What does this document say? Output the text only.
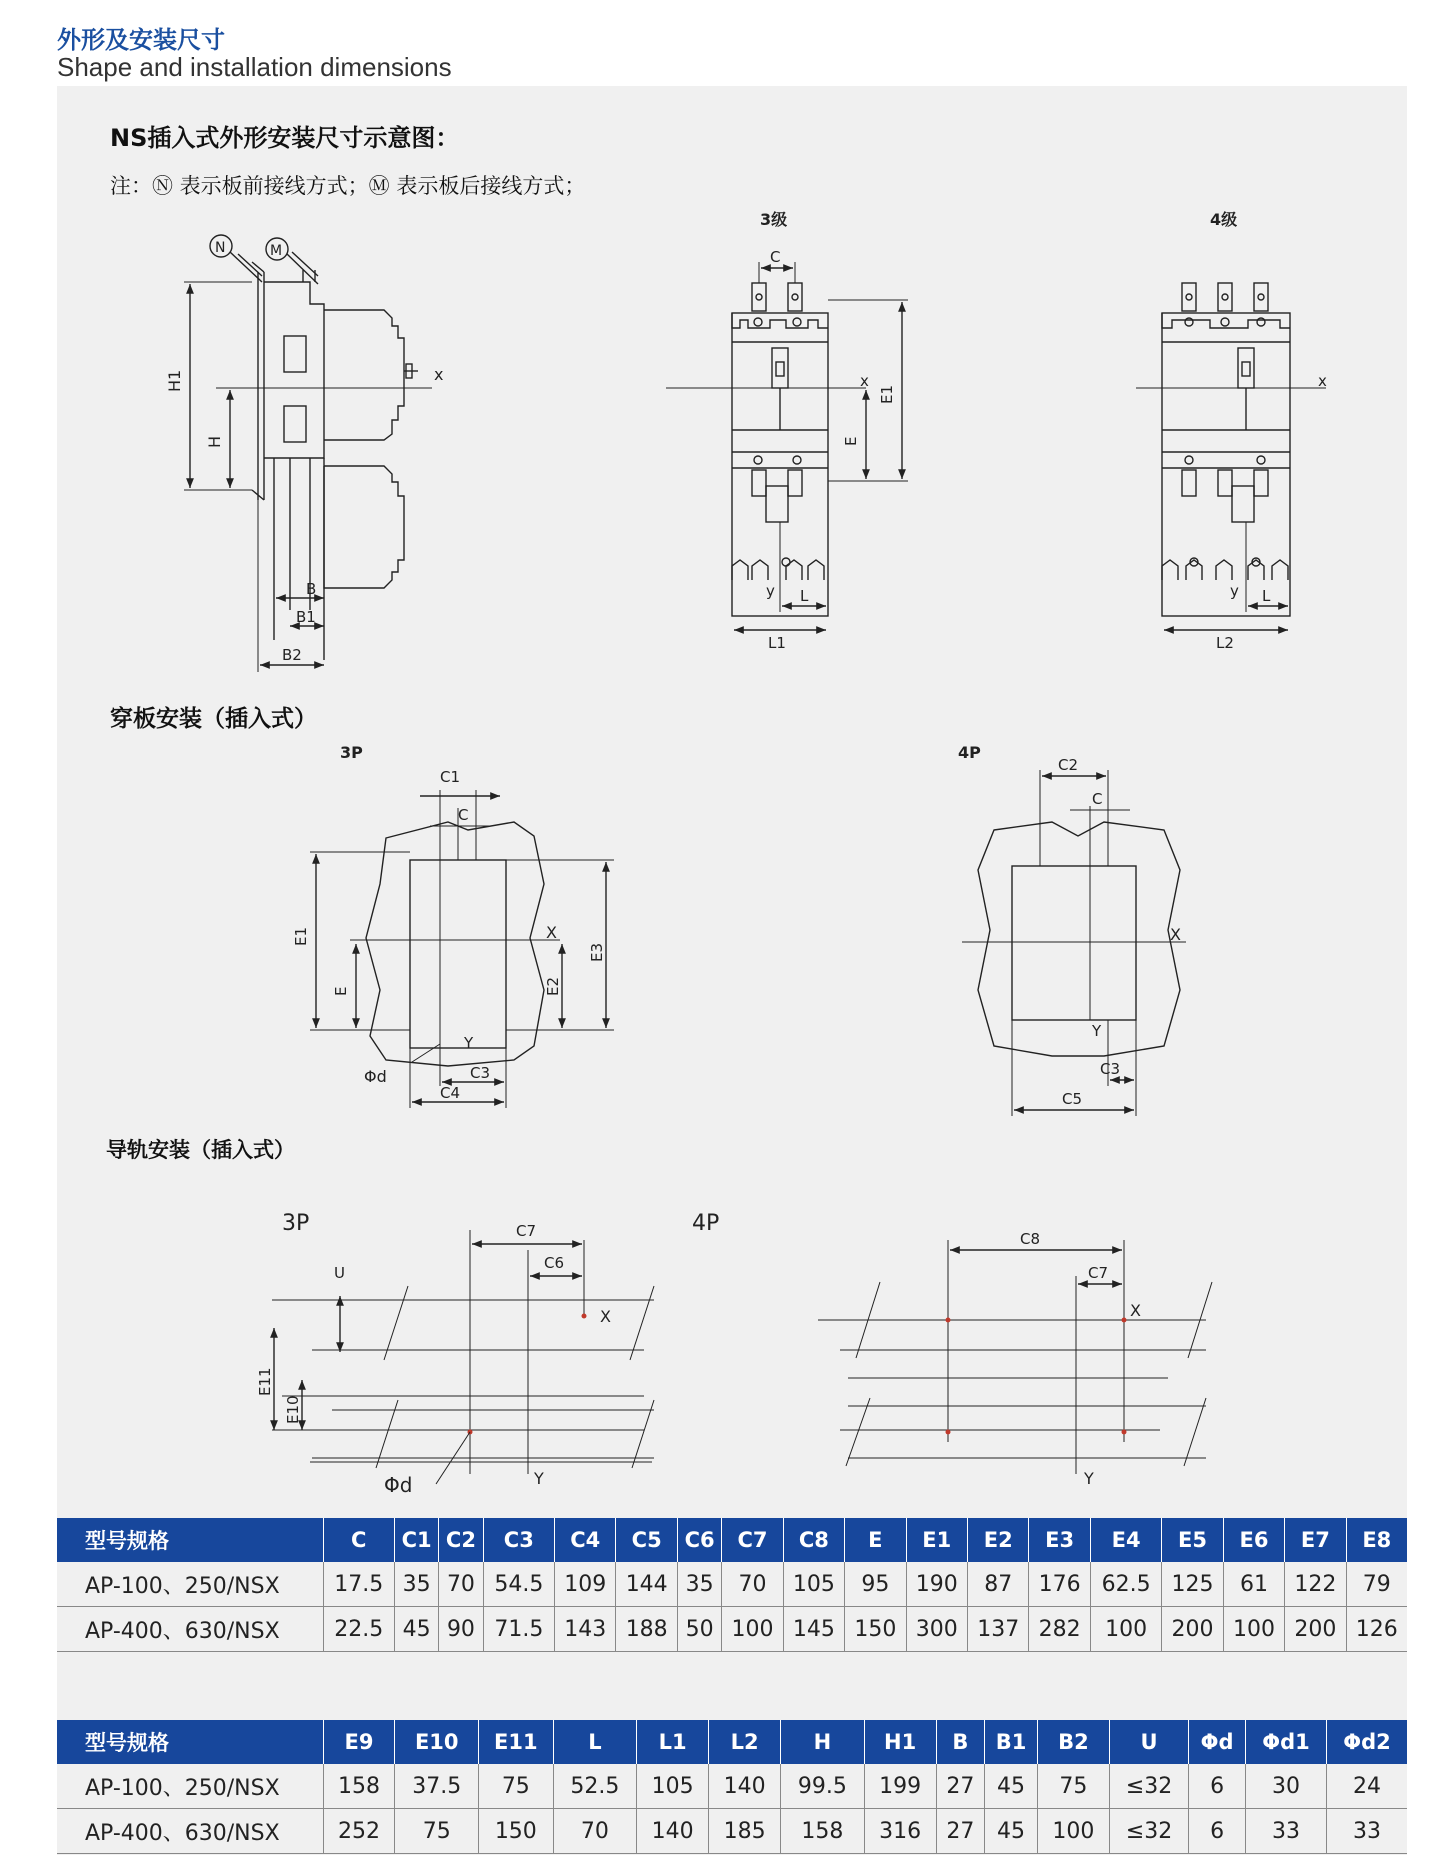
外形及安装尺寸
Shape and installation dimensions
NS插入式外形安装尺寸示意图：
注：Ⓝ 表示板前接线方式；Ⓜ 表示板后接线方式；
N	M
H1
H
x
B
B1
B2
3级
C
x
E
E1
y L
L1
4级
x
y L
L2
3P
X
C1
C
E1
E	E2
E3
Y
Φd	C3
C4
4P
X
C2
C
Y
C3
C5
3P	C7
C6
X
U
E11
E10
Φd	Y
4P
C8
C7
X
Y
穿板安装（插入式）
导轨安装（插入式）
型号规格	C	C1	C2	C3	C4	C5	C6	C7	C8	E	E1	E2	E3	E4	E5	E6	E7	E8
AP-100、250/NSX	17.5	35	70	54.5	109	144	35	70	105	95	190	87	176	62.5	125	61	122	79
AP-400、630/NSX	22.5	45	90	71.5	143	188	50	100	145	150	300	137	282	100	200	100	200	126
型号规格	E9	E10	E11	L	L1	L2	H	H1	B	B1	B2	U	Φd	Φd1	Φd2
AP-100、250/NSX	158	37.5	75	52.5	105	140	99.5	199	27	45	75	≤32	6	30	24
AP-400、630/NSX	252	75	150	70	140	185	158	316	27	45	100	≤32	6	33	33
